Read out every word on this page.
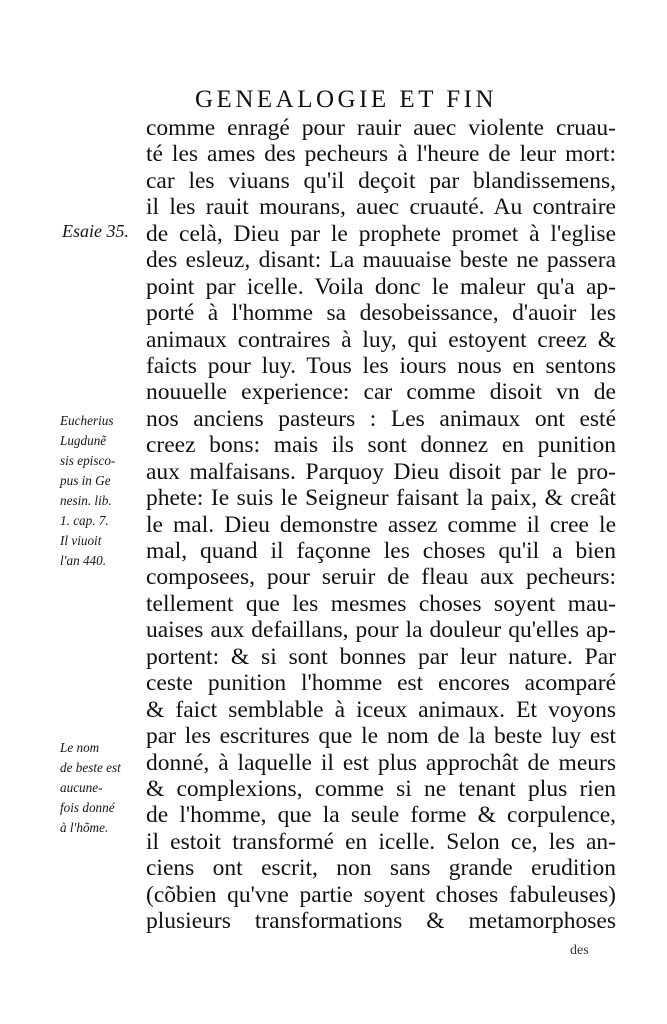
GENEALOGIE ET FIN
comme enragé pour rauir auec violente cruau-
té les ames des pecheurs à l'heure de leur mort:
car les viuans qu'il deçoit par blandissemens,
il les rauit mourans, auec cruauté. Au contraire
de celà, Dieu par le prophete promet à l'eglise
des esleuz, disant: La mauuaise beste ne passera
point par icelle. Voila donc le maleur qu'a ap-
porté à l'homme sa desobeissance, d'auoir les
animaux contraires à luy, qui estoyent creez &
faicts pour luy. Tous les iours nous en sentons
nouuelle experience: car comme disoit vn de
nos anciens pasteurs : Les animaux ont esté
creez bons: mais ils sont donnez en punition
aux malfaisans. Parquoy Dieu disoit par le pro-
phete: Ie suis le Seigneur faisant la paix, & creât
le mal. Dieu demonstre assez comme il cree le
mal, quand il façonne les choses qu'il a bien
composees, pour seruir de fleau aux pecheurs:
tellement que les mesmes choses soyent mau-
uaises aux defaillans, pour la douleur qu'elles ap-
portent: & si sont bonnes par leur nature. Par
ceste punition l'homme est encores acomparé
& faict semblable à iceux animaux. Et voyons
par les escritures que le nom de la beste luy est
donné, à laquelle il est plus approchât de meurs
& complexions, comme si ne tenant plus rien
de l'homme, que la seule forme & corpulence,
il estoit transformé en icelle. Selon ce, les an-
ciens ont escrit, non sans grande erudition
(cõbien qu'vne partie soyent choses fabuleuses)
plusieurs transformations & metamorphoses
Esaie 35.
Eucherius
Lugdunẽ
sis episco-
pus in Ge
nesin. lib.
1. cap. 7.
Il viuoit
l'an 440.
Le nom
de beste est
aucune-
fois donné
à l'hõme.
des
